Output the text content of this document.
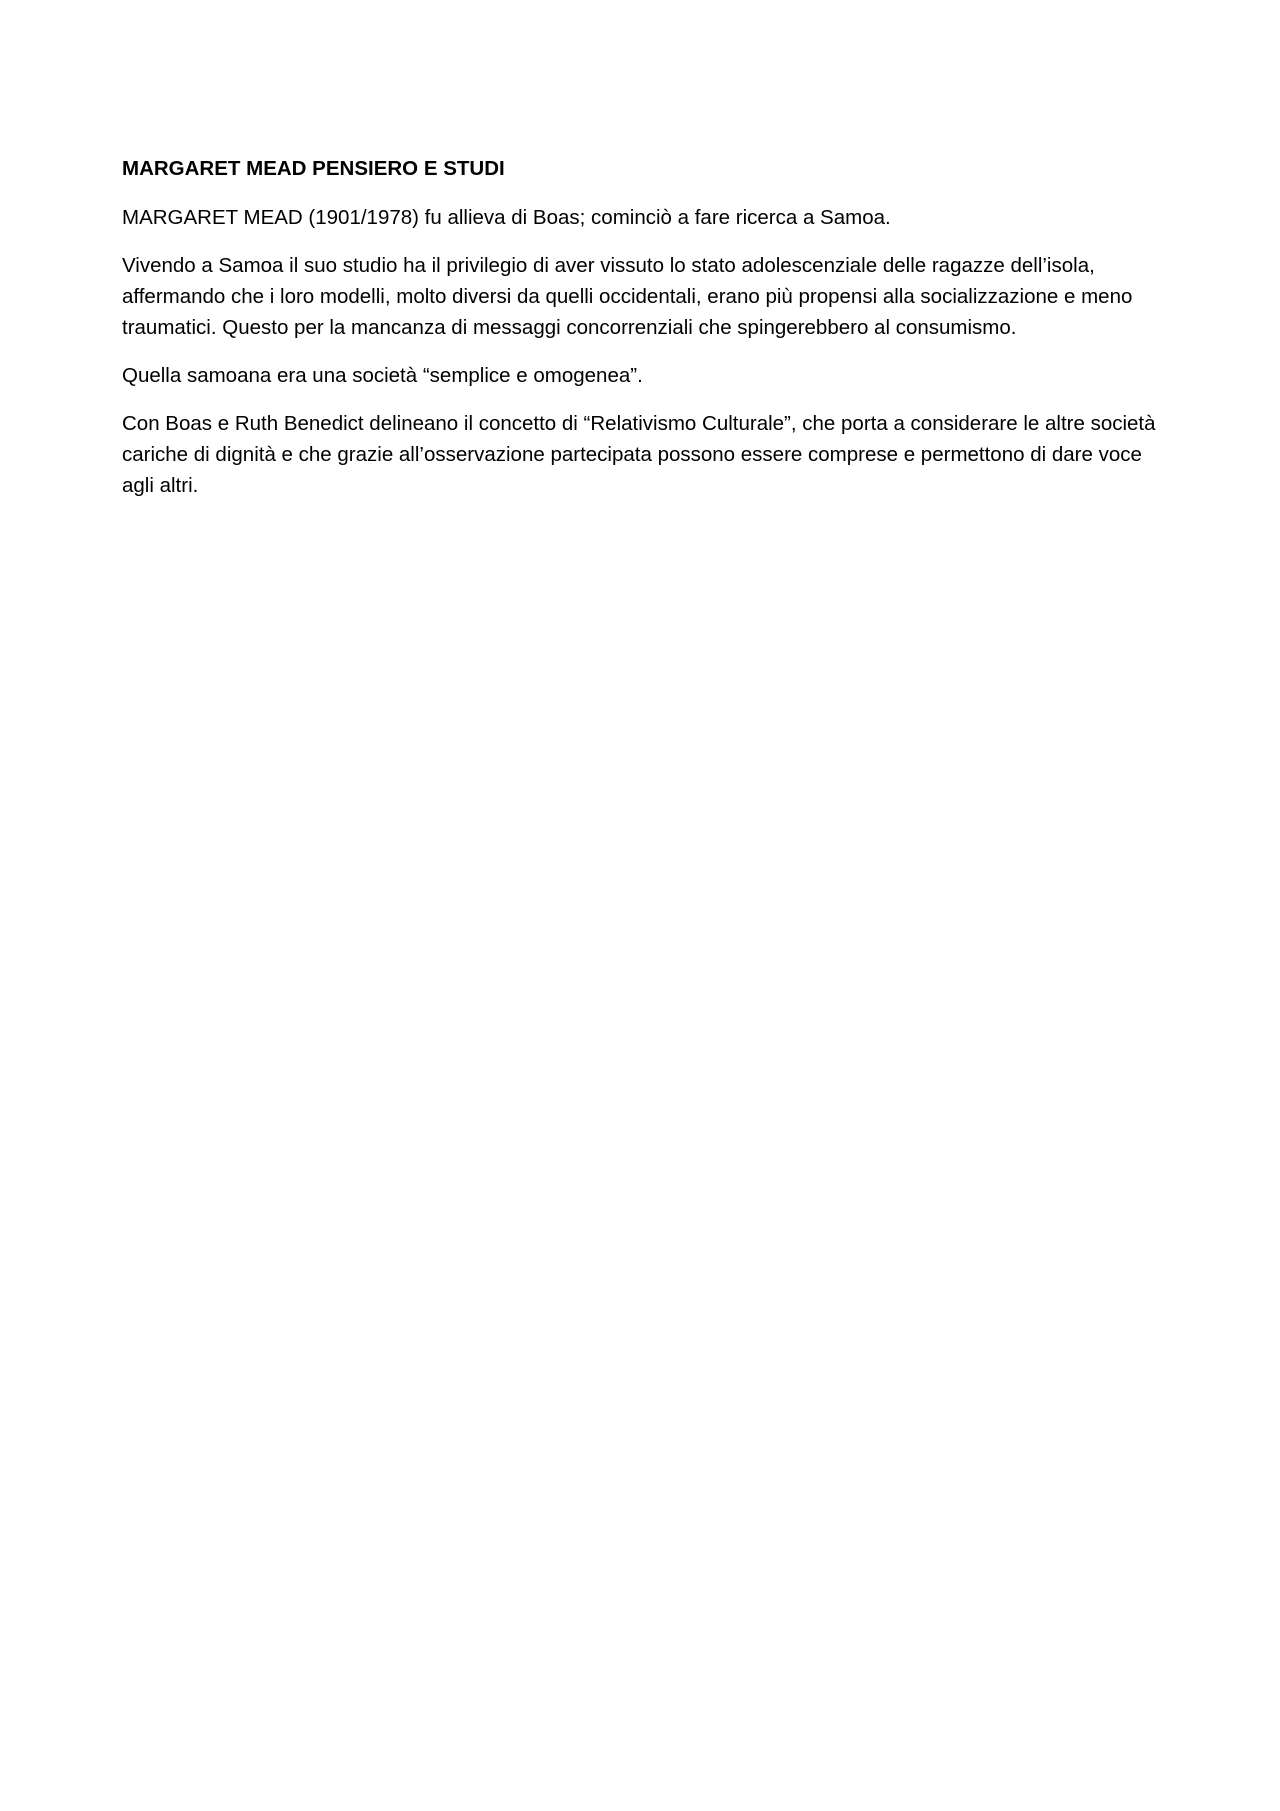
MARGARET MEAD PENSIERO E STUDI

MARGARET MEAD (1901/1978) fu allieva di Boas; cominciò a fare ricerca a Samoa.

Vivendo a Samoa il suo studio ha il privilegio di aver vissuto lo stato adolescenziale delle ragazze dell’isola, affermando che i loro modelli, molto diversi da quelli occidentali, erano più propensi alla socializzazione e meno traumatici. Questo per la mancanza di messaggi concorrenziali che spingerebbero al consumismo.

Quella samoana era una società “semplice e omogenea”.

Con Boas e Ruth Benedict delineano il concetto di “Relativismo Culturale”, che porta a considerare le altre società cariche di dignità e che grazie all’osservazione partecipata possono essere comprese e permettono di dare voce agli altri.
